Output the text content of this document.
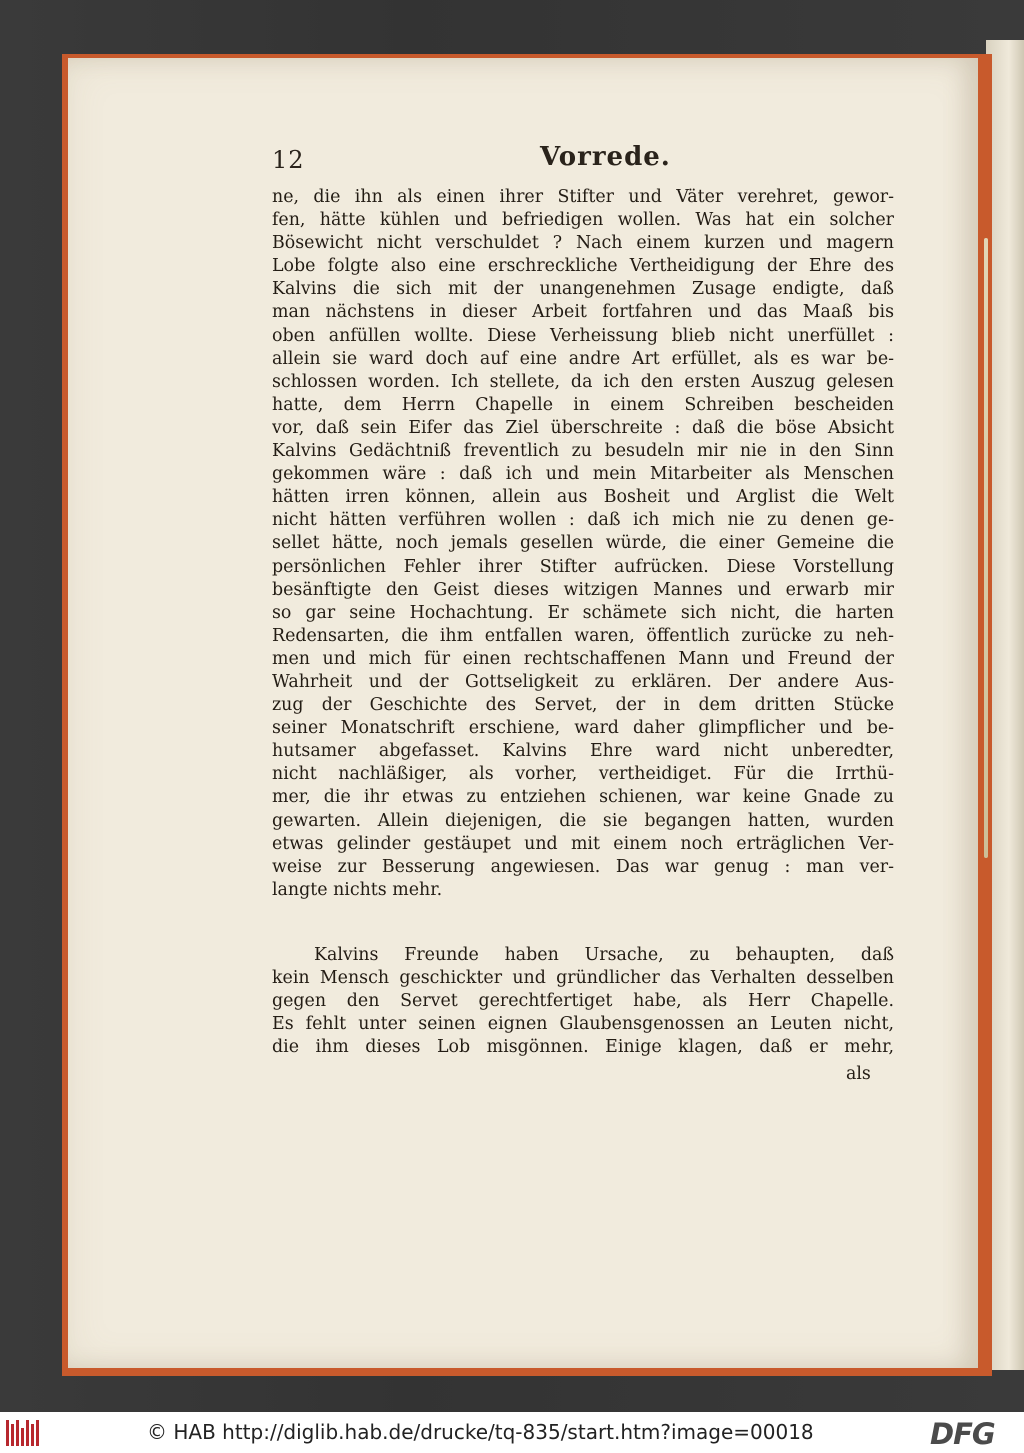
12	Vorrede.
ne, die ihn als einen ihrer Stifter und Väter verehret, gewor-
fen, hätte kühlen und befriedigen wollen. Was hat ein solcher
Bösewicht nicht verschuldet ? Nach einem kurzen und magern
Lobe folgte also eine erschreckliche Vertheidigung der Ehre des
Kalvins die sich mit der unangenehmen Zusage endigte, daß
man nächstens in dieser Arbeit fortfahren und das Maaß bis
oben anfüllen wollte. Diese Verheissung blieb nicht unerfüllet :
allein sie ward doch auf eine andre Art erfüllet, als es war be-
schlossen worden. Ich stellete, da ich den ersten Auszug gelesen
hatte, dem Herrn Chapelle in einem Schreiben bescheiden
vor, daß sein Eifer das Ziel überschreite : daß die böse Absicht
Kalvins Gedächtniß freventlich zu besudeln mir nie in den Sinn
gekommen wäre : daß ich und mein Mitarbeiter als Menschen
hätten irren können, allein aus Bosheit und Arglist die Welt
nicht hätten verführen wollen : daß ich mich nie zu denen ge-
sellet hätte, noch jemals gesellen würde, die einer Gemeine die
persönlichen Fehler ihrer Stifter aufrücken. Diese Vorstellung
besänftigte den Geist dieses witzigen Mannes und erwarb mir
so gar seine Hochachtung. Er schämete sich nicht, die harten
Redensarten, die ihm entfallen waren, öffentlich zurücke zu neh-
men und mich für einen rechtschaffenen Mann und Freund der
Wahrheit und der Gottseligkeit zu erklären. Der andere Aus-
zug der Geschichte des Servet, der in dem dritten Stücke
seiner Monatschrift erschiene, ward daher glimpflicher und be-
hutsamer abgefasset. Kalvins Ehre ward nicht unberedter,
nicht nachläßiger, als vorher, vertheidiget. Für die Irrthü-
mer, die ihr etwas zu entziehen schienen, war keine Gnade zu
gewarten. Allein diejenigen, die sie begangen hatten, wurden
etwas gelinder gestäupet und mit einem noch erträglichen Ver-
weise zur Besserung angewiesen. Das war genug : man ver-
langte nichts mehr.
Kalvins Freunde haben Ursache, zu behaupten, daß
kein Mensch geschickter und gründlicher das Verhalten desselben
gegen den Servet gerechtfertiget habe, als Herr Chapelle.
Es fehlt unter seinen eignen Glaubensgenossen an Leuten nicht,
die ihm dieses Lob misgönnen. Einige klagen, daß er mehr,
als
© HAB http://diglib.hab.de/drucke/tq-835/start.htm?image=00018	DFG
